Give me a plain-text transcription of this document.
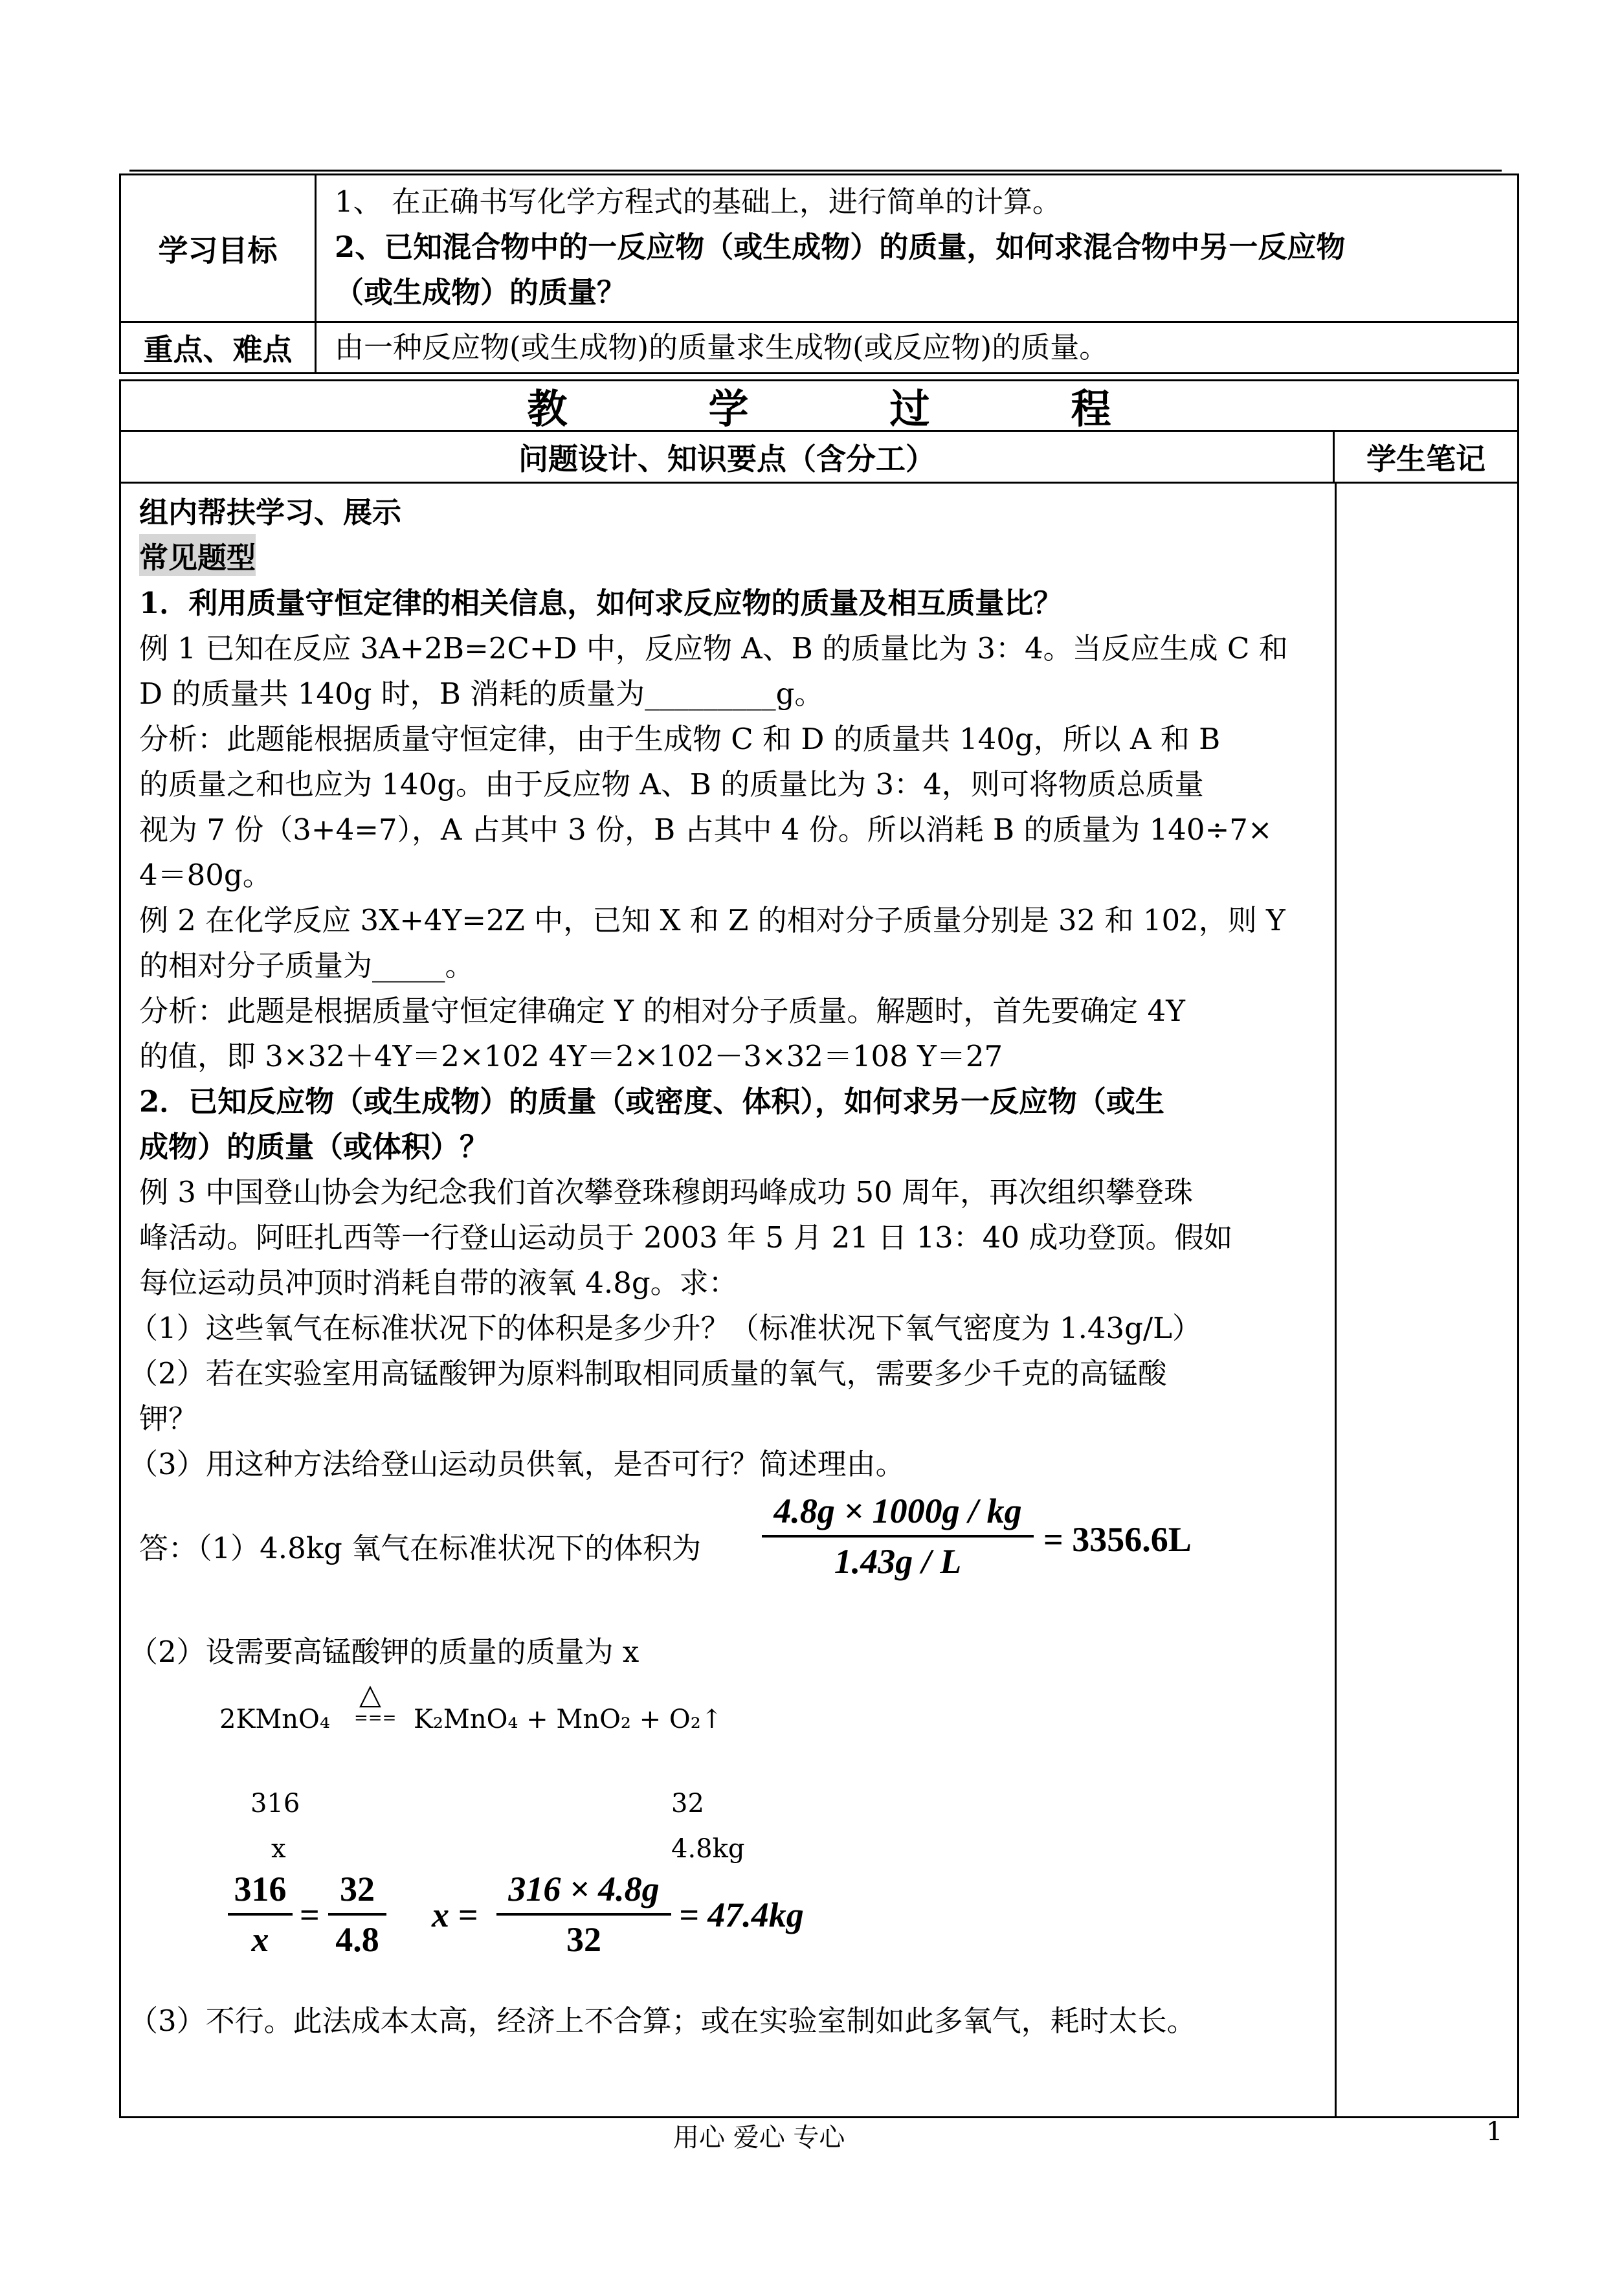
学习目标
1、 在正确书写化学方程式的基础上，进行简单的计算。
2、已知混合物中的一反应物（或生成物）的质量，如何求混合物中另一反应物
（或生成物）的质量？
重点、难点	由一种反应物(或生成物)的质量求生成物(或反应物)的质量。
教	学	过	程
问题设计、知识要点（含分工）	学生笔记
组内帮扶学习、展示
常见题型
1．利用质量守恒定律的相关信息，如何求反应物的质量及相互质量比？
例 1 已知在反应 3A+2B=2C+D 中，反应物 A、B 的质量比为 3：4。当反应生成 C 和
D 的质量共 140g 时，B 消耗的质量为_________g。
分析：此题能根据质量守恒定律，由于生成物 C 和 D 的质量共 140g，所以 A 和 B
的质量之和也应为 140g。由于反应物 A、B 的质量比为 3：4，则可将物质总质量
视为 7 份（3+4=7），A 占其中 3 份，B 占其中 4 份。所以消耗 B 的质量为 140÷7×
4＝80g。
例 2 在化学反应 3X+4Y=2Z 中，已知 X 和 Z 的相对分子质量分别是 32 和 102，则 Y
的相对分子质量为_____。
分析：此题是根据质量守恒定律确定 Y 的相对分子质量。解题时，首先要确定 4Y
的值，即 3×32＋4Y＝2×102 4Y＝2×102－3×32＝108 Y＝27
2．已知反应物（或生成物）的质量（或密度、体积），如何求另一反应物（或生
成物）的质量（或体积）？
例 3 中国登山协会为纪念我们首次攀登珠穆朗玛峰成功 50 周年，再次组织攀登珠
峰活动。阿旺扎西等一行登山运动员于 2003 年 5 月 21 日 13：40 成功登顶。假如
每位运动员冲顶时消耗自带的液氧 4.8g。求：
（1）这些氧气在标准状况下的体积是多少升？（标准状况下氧气密度为 1.43g/L）
（2）若在实验室用高锰酸钾为原料制取相同质量的氧气，需要多少千克的高锰酸
钾？
（3）用这种方法给登山运动员供氧，是否可行？简述理由。
答：（1）4.8kg 氧气在标准状况下的体积为
4.8g × 1000g / kg
1.43g / L
= 3356.6L
（2）设需要高锰酸钾的质量的质量为 x
2KMnO₄
△
=== K₂MnO₄ + MnO₂ + O₂↑
316	32
x	4.8kg
316
x
=
32
4.8
x =
316 × 4.8g
32
= 47.4kg
（3）不行。此法成本太高，经济上不合算；或在实验室制如此多氧气，耗时太长。
用心 爱心 专心	1
